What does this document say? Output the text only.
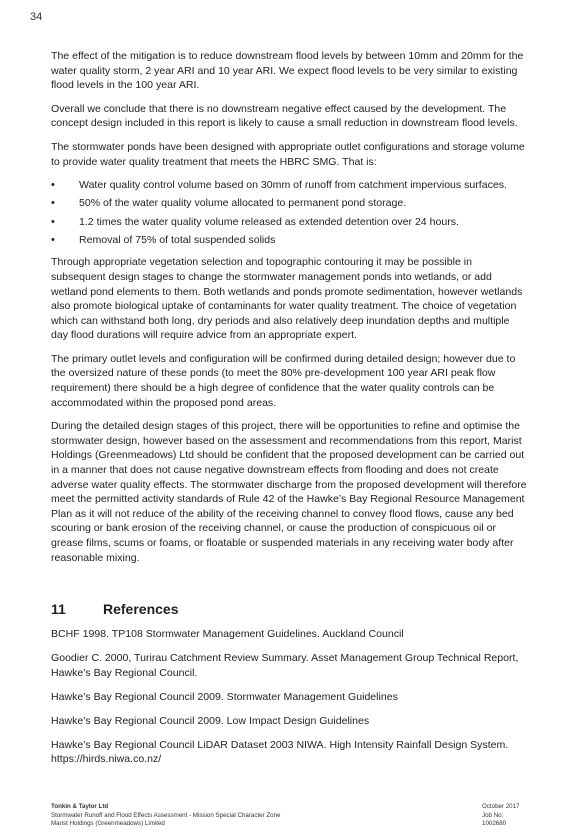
34

The effect of the mitigation is to reduce downstream flood levels by between 10mm and 20mm for the water quality storm, 2 year ARI and 10 year ARI. We expect flood levels to be very similar to existing flood levels in the 100 year ARI.

Overall we conclude that there is no downstream negative effect caused by the development. The concept design included in this report is likely to cause a small reduction in downstream flood levels.

The stormwater ponds have been designed with appropriate outlet configurations and storage volume to provide water quality treatment that meets the HBRC SMG. That is:

• Water quality control volume based on 30mm of runoff from catchment impervious surfaces.
• 50% of the water quality volume allocated to permanent pond storage.
• 1.2 times the water quality volume released as extended detention over 24 hours.
• Removal of 75% of total suspended solids

Through appropriate vegetation selection and topographic contouring it may be possible in subsequent design stages to change the stormwater management ponds into wetlands, or add wetland pond elements to them. Both wetlands and ponds promote sedimentation, however wetlands also promote biological uptake of contaminants for water quality treatment. The choice of vegetation which can withstand both long, dry periods and also relatively deep inundation depths and multiple day flood durations will require advice from an appropriate expert.

The primary outlet levels and configuration will be confirmed during detailed design; however due to the oversized nature of these ponds (to meet the 80% pre-development 100 year ARI peak flow requirement) there should be a high degree of confidence that the water quality controls can be accommodated within the proposed pond areas.

During the detailed design stages of this project, there will be opportunities to refine and optimise the stormwater design, however based on the assessment and recommendations from this report, Marist Holdings (Greenmeadows) Ltd should be confident that the proposed development can be carried out in a manner that does not cause negative downstream effects from flooding and does not create adverse water quality effects. The stormwater discharge from the proposed development will therefore meet the permitted activity standards of Rule 42 of the Hawke’s Bay Regional Resource Management Plan as it will not reduce of the ability of the receiving channel to convey flood flows, cause any bed scouring or bank erosion of the receiving channel, or cause the production of conspicuous oil or grease films, scums or foams, or floatable or suspended materials in any receiving water body after reasonable mixing.

11	References

BCHF 1998. TP108 Stormwater Management Guidelines. Auckland Council

Goodier C. 2000, Turirau Catchment Review Summary. Asset Management Group Technical Report, Hawke’s Bay Regional Council.

Hawke’s Bay Regional Council 2009. Stormwater Management Guidelines

Hawke’s Bay Regional Council 2009. Low Impact Design Guidelines

Hawke’s Bay Regional Council LiDAR Dataset 2003 NIWA. High Intensity Rainfall Design System. https://hirds.niwa.co.nz/

Tonkin & Taylor Ltd
Stormwater Runoff and Flood Effects Assessment - Mission Special Character Zone
Marist Holdings (Greenmeadows) Limited
October 2017
Job No: 1002680
